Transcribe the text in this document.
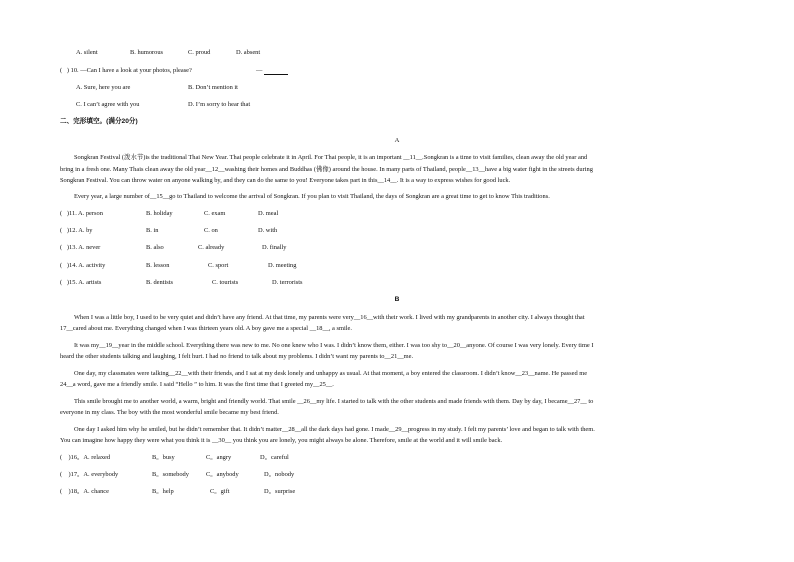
A. silent	B. humorous	C. proud	D. absent
(   ) 10. —Can I have a look at your photos, please?	—
A. Sure, here you are	B. Don’t mention it
C. I can’t agree with you	D. I’m sorry to hear that
二、完形填空。(满分20分)
A
Songkran Festival (泼水节)is the traditional Thai New Year. Thai people celebrate it in April. For Thai people, it is an important __11__.Songkran is a time to visit families, clean away the old year and
bring in a fresh one. Many Thais clean away the old year__12__washing their homes and Buddhas (佛像) around the house. In many parts of Thailand, people__13__have a big water fight in the streets during
Songkran Festival. You can throw water on anyone walking by, and they can do the same to you! Everyone takes part in this__14__. It is a way to express wishes for good luck.
Every year, a large number of__15__go to Thailand to welcome the arrival of Songkran. If you plan to visit Thailand, the days of Songkran are a great time to get to know This traditions.
(   )11. A. person	B. holiday	C. exam	D. meal
(   )12. A. by	B. in	C. on	D. with
(   )13. A. never	B. also	C. already	D. finally
(   )14. A. activity	B. lesson	C. sport	D. meeting
(   )15. A. artists	B. dentists	C. tourists	D. terrorists
B
When I was a little boy, I used to be very quiet and didn’t have any friend. At that time, my parents were very__16__with their work. I lived with my grandparents in another city. I always thought that
17__cared about me. Everything changed when I was thirteen years old. A boy gave me a special __18__, a smile.
It was my__19__year in the middle school. Everything there was new to me. No one knew who I was. I didn’t know them, either. I was too shy to__20__anyone. Of course I was very lonely. Every time I
heard the other students talking and laughing, I felt hurt. I had no friend to talk about my problems. I didn’t want my parents to__21__me.
One day, my classmates were talking__22__with their friends, and I sat at my desk lonely and unhappy as usual. At that moment, a boy entered the classroom. I didn’t know__23__name. He passed me
24__a word, gave me a friendly smile. I said “Hello ” to him. It was the first time that I greeted my__25__.
This smile brought me to another world, a warm, bright and friendly world. That smile __26__my life. I started to talk with the other students and made friends with them. Day by day, I became__27__ to
everyone in my class. The boy with the most wonderful smile became my best friend.
One day I asked him why he smiled, but he didn’t remember that. It didn’t matter__28__all the dark days had gone. I made__29__progress in my study. I felt my parents’ love and began to talk with them.
You can imagine how happy they were what you think it is __30__ you think you are lonely, you might always be alone. Therefore, smile at the world and it will smile back.
(    )16。A. relaxed	B。busy	C。angry	D。careful
(    )17。A. everybody	B。somebody	C。anybody	D。nobody
(    )18。A. chance	B。help	C。gift	D。surprise
